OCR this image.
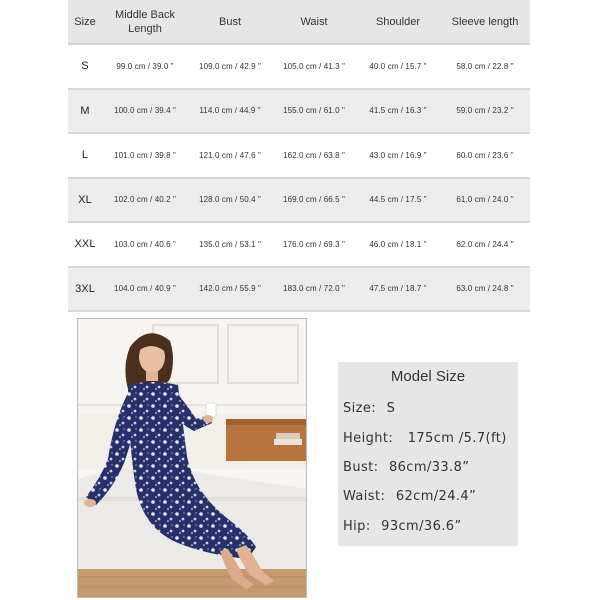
Size	Middle Back Length	Bust	Waist	Shoulder	Sleeve length
S	99.0 cm / 39.0 "	109.0 cm / 42.9 "	105.0 cm / 41.3 "	40.0 cm / 15.7 "	58.0 cm / 22.8 "
M	100.0 cm / 39.4 "	114.0 cm / 44.9 "	155.0 cm / 61.0 "	41.5 cm / 16.3 "	59.0 cm / 23.2 "
L	101.0 cm / 39.8 "	121.0 cm / 47.6 "	162.0 cm / 63.8 "	43.0 cm / 16.9 "	60.0 cm / 23.6 "
XL	102.0 cm / 40.2 "	128.0 cm / 50.4 "	169.0 cm / 66.5 "	44.5 cm / 17.5 "	61.0 cm / 24.0 "
XXL	103.0 cm / 40.6 "	135.0 cm / 53.1 "	176.0 cm / 69.3 "	46.0 cm / 18.1 "	62.0 cm / 24.4 "
3XL	104.0 cm / 40.9 "	142.0 cm / 55.9 "	183.0 cm / 72.0 "	47.5 cm / 18.7 "	63.0 cm / 24.8 "
Model Size
Size: S
Height: 175cm /5.7(ft)
Bust: 86cm/33.8”
Waist: 62cm/24.4”
Hip: 93cm/36.6”
